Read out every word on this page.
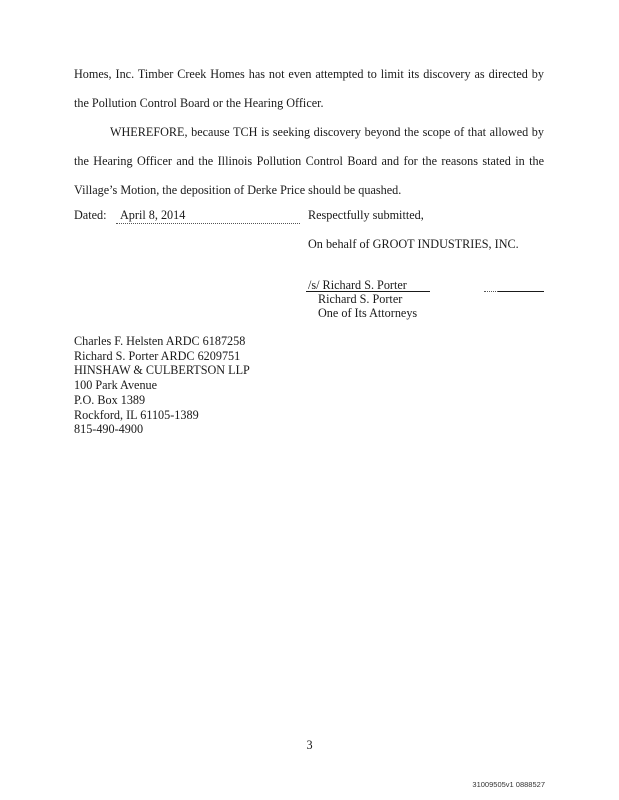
Homes, Inc. Timber Creek Homes has not even attempted to limit its discovery as directed by
the Pollution Control Board or the Hearing Officer.
WHEREFORE, because TCH is seeking discovery beyond the scope of that allowed by
the Hearing Officer and the Illinois Pollution Control Board and for the reasons stated in the
Village’s Motion, the deposition of Derke Price should be quashed.
Dated: April 8, 2014	Respectfully submitted,
On behalf of GROOT INDUSTRIES, INC.
/s/ Richard S. Porter
Richard S. Porter
One of Its Attorneys
Charles F. Helsten ARDC 6187258
Richard S. Porter ARDC 6209751
HINSHAW & CULBERTSON LLP
100 Park Avenue
P.O. Box 1389
Rockford, IL 61105-1389
815-490-4900
3
31009505v1 0888527
